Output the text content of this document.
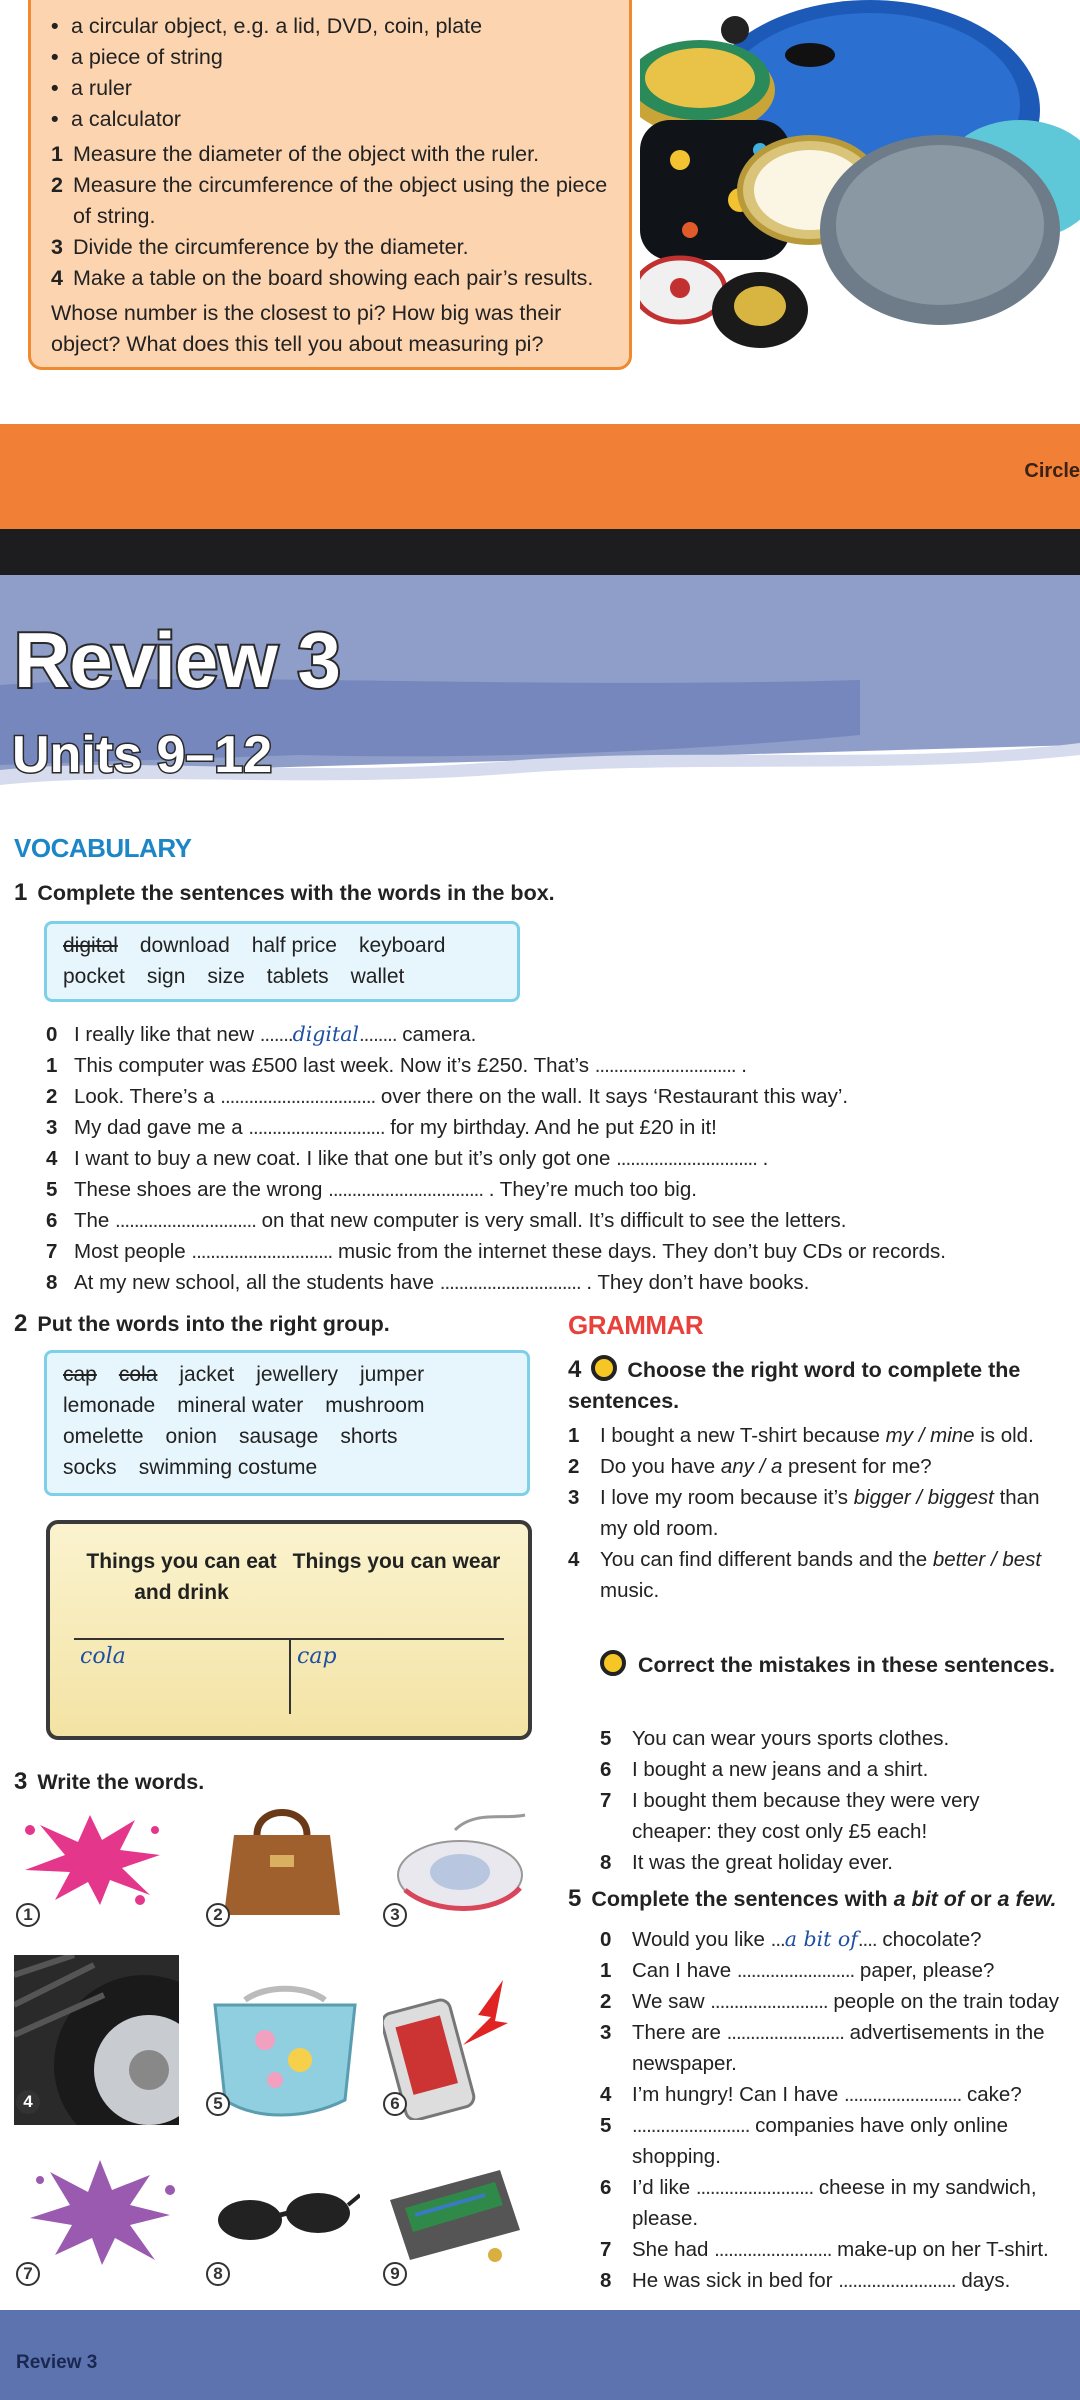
• a circular object, e.g. a lid, DVD, coin, plate
• a piece of string
• a ruler
• a calculator
1 Measure the diameter of the object with the ruler.
2 Measure the circumference of the object using the piece of string.
3 Divide the circumference by the diameter.
4 Make a table on the board showing each pair’s results.

Whose number is the closest to pi? How big was their object? What does this tell you about measuring pi?

Circle
Review 3
Units 9–12
VOCABULARY
1 Complete the sentences with the words in the box.
digital download half price keyboard
pocket sign size tablets wallet
0 I really like that new .......digital........ camera.
1 This computer was £500 last week. Now it’s £250. That’s .............................. .
2 Look. There’s a ................................. over there on the wall. It says ‘Restaurant this way’.
3 My dad gave me a ............................. for my birthday. And he put £20 in it!
4 I want to buy a new coat. I like that one but it’s only got one .............................. .
5 These shoes are the wrong ................................. . They’re much too big.
6 The .............................. on that new computer is very small. It’s difficult to see the letters.
7 Most people .............................. music from the internet these days. They don’t buy CDs or records.
8 At my new school, all the students have .............................. . They don’t have books.
2 Put the words into the right group.
cap cola jacket jewellery jumper
lemonade mineral water mushroom
omelette onion sausage shorts
socks swimming costume
Things you can eat and drink
Things you can wear
cola	cap
3 Write the words.
1	2	3
4	5	6
7	8	9
GRAMMAR
4 Choose the right word to complete the sentences.
1 I bought a new T-shirt because my / mine is old.
2 Do you have any / a present for me?
3 I love my room because it’s bigger / biggest than my old room.
4 You can find different bands and the better / best music.
Correct the mistakes in these sentences.
5 You can wear yours sports clothes.
6 I bought a new jeans and a shirt.
7 I bought them because they were very cheaper: they cost only £5 each!
8 It was the great holiday ever.
5 Complete the sentences with a bit of or a few.
0 Would you like ...a bit of.... chocolate?
1 Can I have ......................... paper, please?
2 We saw ......................... people on the train today
3 There are ......................... advertisements in the newspaper.
4 I’m hungry! Can I have ......................... cake?
5 ......................... companies have only online shopping.
6 I’d like ......................... cheese in my sandwich, please.
7 She had ......................... make-up on her T-shirt.
8 He was sick in bed for ......................... days.
Review 3
